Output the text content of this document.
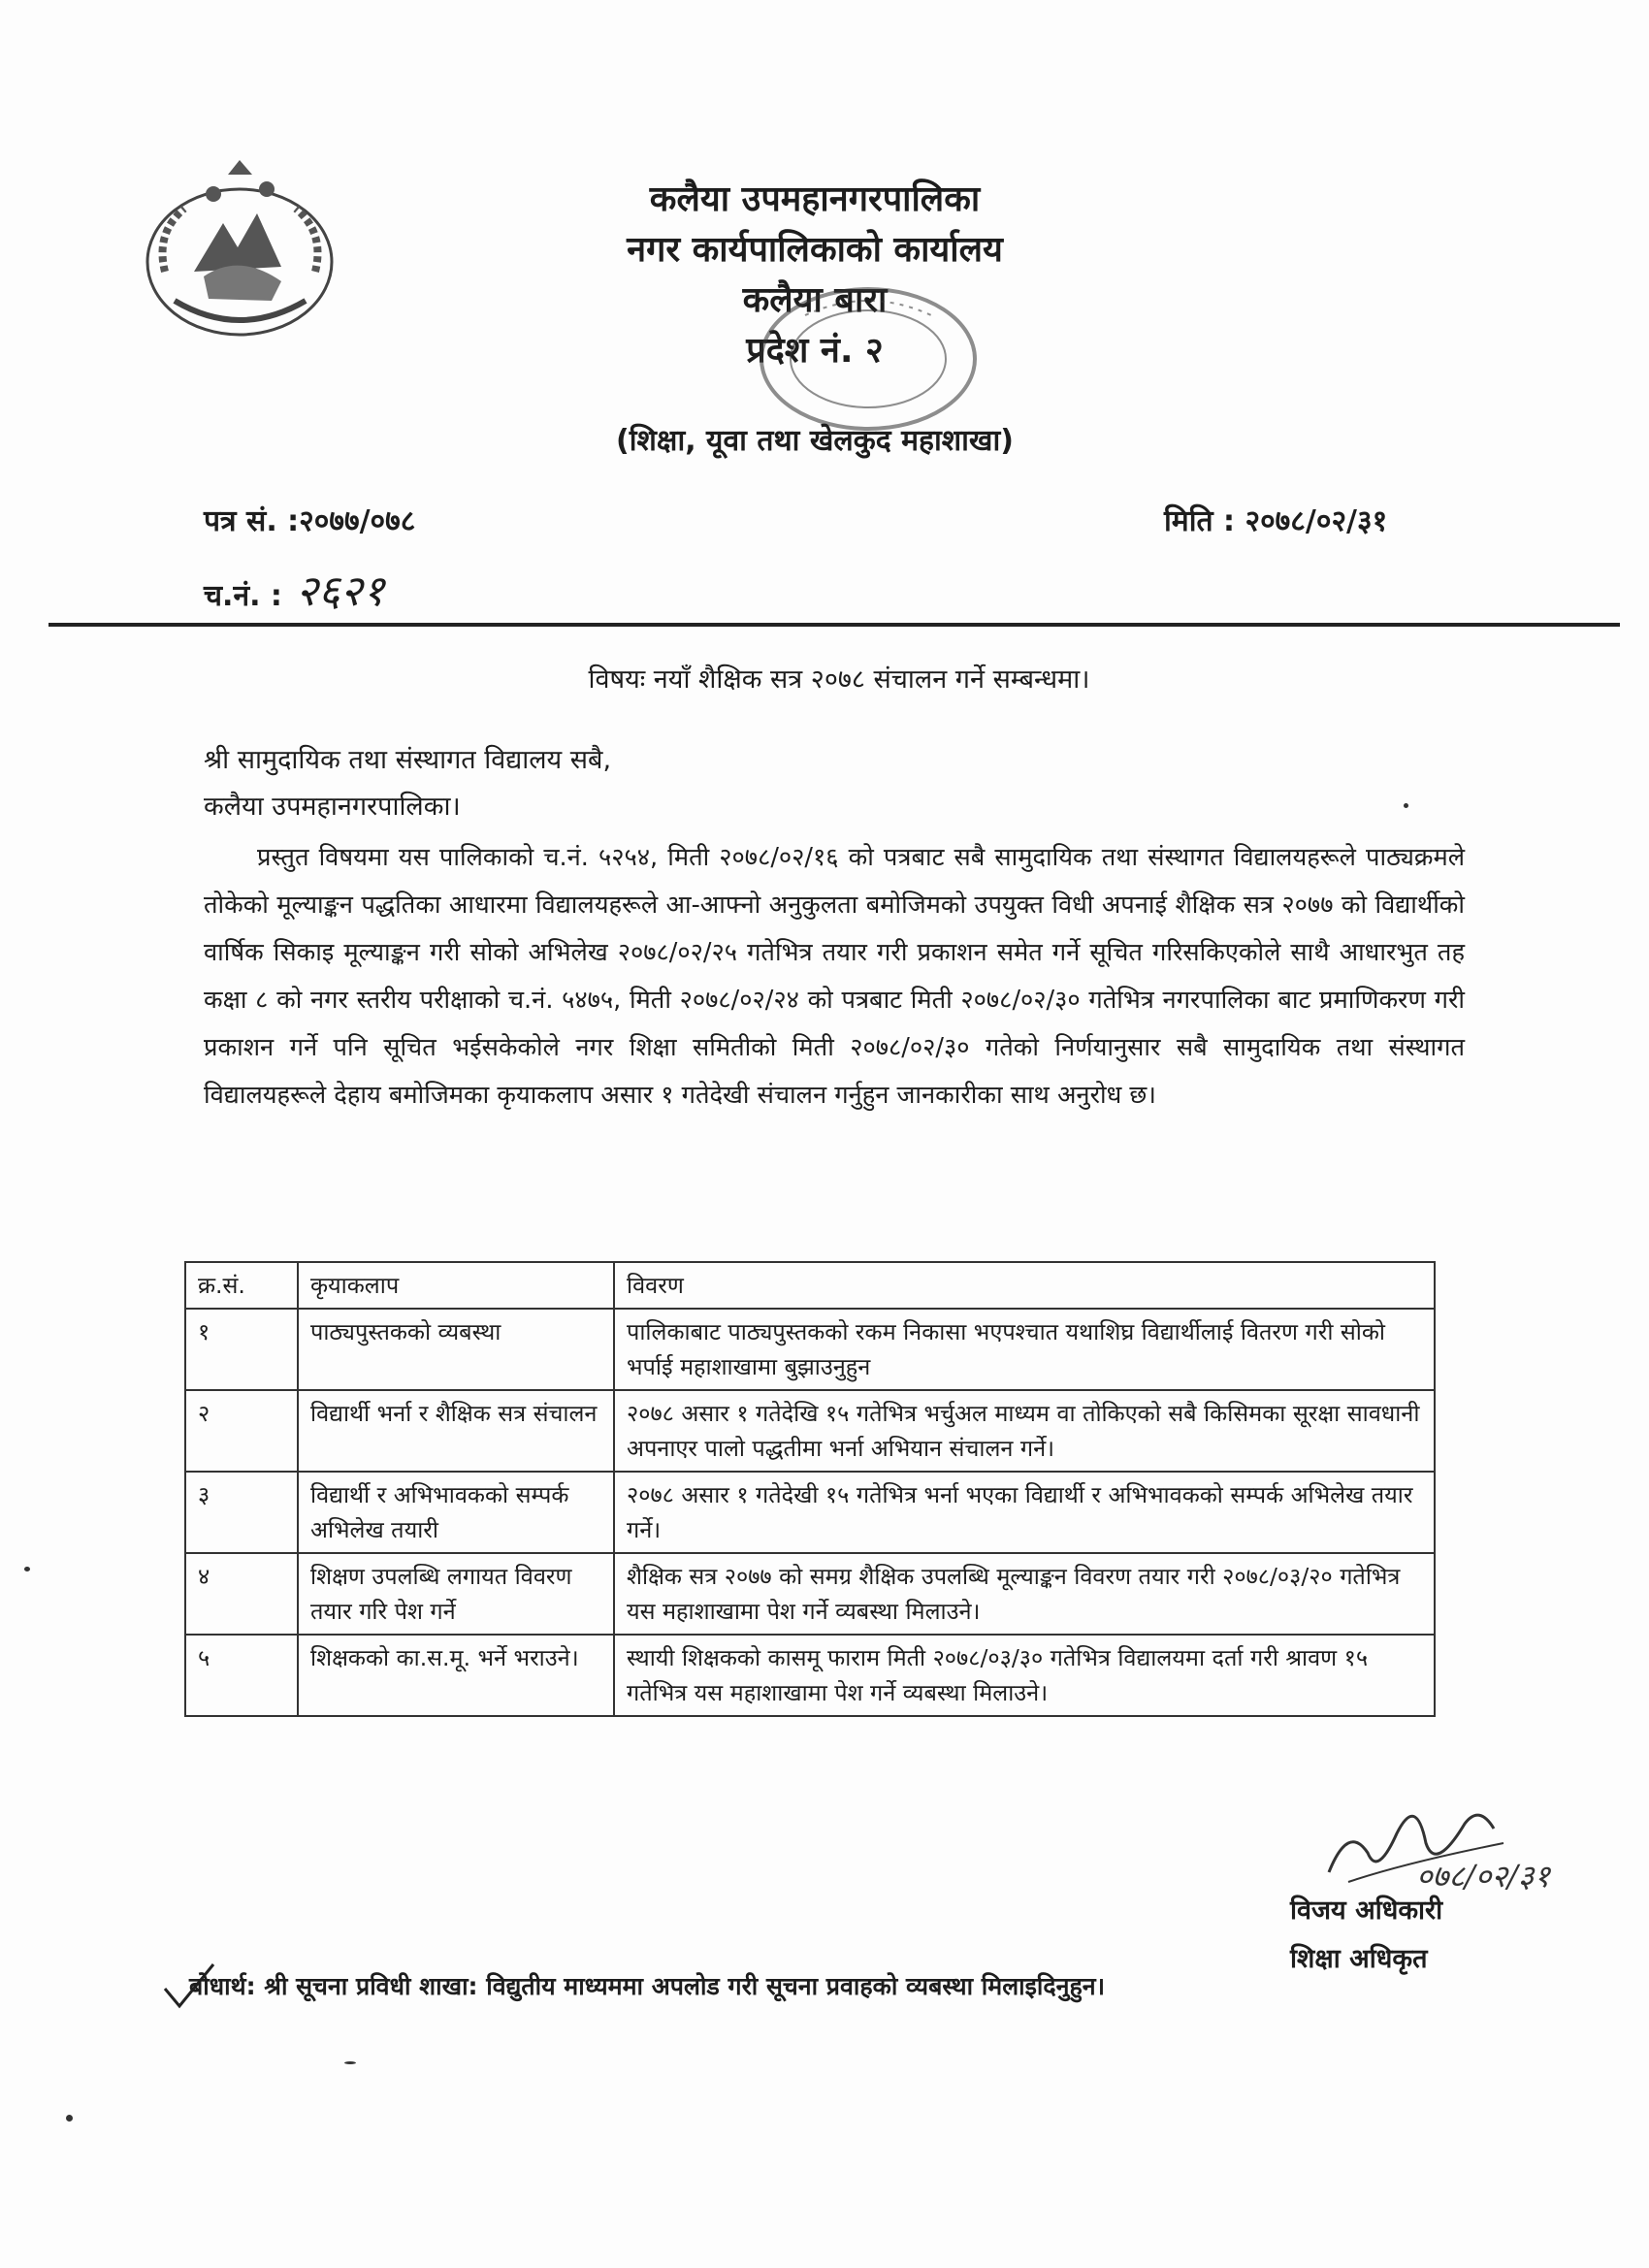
कलैया उपमहानगरपालिका
नगर कार्यपालिकाको कार्यालय
कलैया बारा
प्रदेश नं. २
(शिक्षा, यूवा तथा खेलकुद महाशाखा)
पत्र सं. :२०७७/०७८
च.नं. : २६२१
मिति : २०७८/०२/३१
विषयः नयाँ शैक्षिक सत्र २०७८ संचालन गर्ने सम्बन्धमा।
श्री सामुदायिक तथा संस्थागत विद्यालय सबै,
कलैया उपमहानगरपालिका।

प्रस्तुत विषयमा यस पालिकाको च.नं. ५२५४, मिती २०७८/०२/१६ को पत्रबाट सबै सामुदायिक तथा संस्थागत विद्यालयहरूले पाठ्यक्रमले तोकेको मूल्याङ्कन पद्धतिका आधारमा विद्यालयहरूले आ-आफ्नो अनुकुलता बमोजिमको उपयुक्त विधी अपनाई शैक्षिक सत्र २०७७ को विद्यार्थीको वार्षिक सिकाइ मूल्याङ्कन गरी सोको अभिलेख २०७८/०२/२५ गतेभित्र तयार गरी प्रकाशन समेत गर्ने सूचित गरिसकिएकोले साथै आधारभुत तह कक्षा ८ को नगर स्तरीय परीक्षाको च.नं. ५४७५, मिती २०७८/०२/२४ को पत्रबाट मिती २०७८/०२/३० गतेभित्र नगरपालिका बाट प्रमाणिकरण गरी प्रकाशन गर्ने पनि सूचित भईसकेकोले नगर शिक्षा समितीको मिती २०७८/०२/३० गतेको निर्णयानुसार सबै सामुदायिक तथा संस्थागत विद्यालयहरूले देहाय बमोजिमका कृयाकलाप असार १ गतेदेखी संचालन गर्नुहुन जानकारीका साथ अनुरोध छ।

क्र.सं.	कृयाकलाप	विवरण
१	पाठ्यपुस्तकको व्यबस्था	पालिकाबाट पाठ्यपुस्तकको रकम निकासा भएपश्चात यथाशिघ्र विद्यार्थीलाई वितरण गरी सोको भर्पाई महाशाखामा बुझाउनुहुन
२	विद्यार्थी भर्ना र शैक्षिक सत्र संचालन	२०७८ असार १ गतेदेखि १५ गतेभित्र भर्चुअल माध्यम वा तोकिएको सबै किसिमका सूरक्षा सावधानी अपनाएर पालो पद्धतीमा भर्ना अभियान संचालन गर्ने।
३	विद्यार्थी र अभिभावकको सम्पर्क अभिलेख तयारी	२०७८ असार १ गतेदेखी १५ गतेभित्र भर्ना भएका विद्यार्थी र अभिभावकको सम्पर्क अभिलेख तयार गर्ने।
४	शिक्षण उपलब्धि लगायत विवरण तयार गरि पेश गर्ने	शैक्षिक सत्र २०७७ को समग्र शैक्षिक उपलब्धि मूल्याङ्कन विवरण तयार गरी २०७८/०३/२० गतेभित्र यस महाशाखामा पेश गर्ने व्यबस्था मिलाउने।
५	शिक्षकको का.स.मू. भर्ने भराउने।	स्थायी शिक्षकको कासमू फाराम मिती २०७८/०३/३० गतेभित्र विद्यालयमा दर्ता गरी श्रावण १५ गतेभित्र यस महाशाखामा पेश गर्ने व्यबस्था मिलाउने।
०७८/०२/३१
विजय अधिकारी
शिक्षा अधिकृत
बोधार्थ: श्री सूचना प्रविधी शाखा: विद्युतीय माध्यममा अपलोड गरी सूचना प्रवाहको व्यबस्था मिलाइदिनुहुन।
